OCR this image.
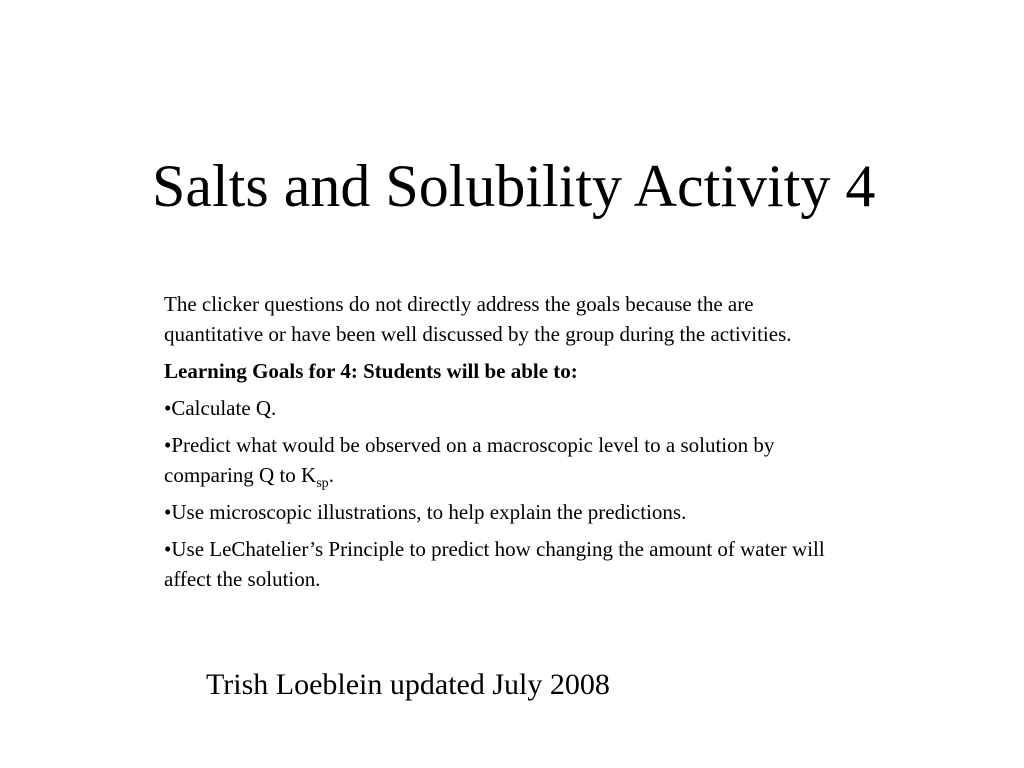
Salts and Solubility Activity 4

The clicker questions do not directly address the goals because the are quantitative or have been well discussed by the group during the activities.

Learning Goals for 4: Students will be able to:

•Calculate Q.

•Predict what would be observed on a macroscopic level to a solution by comparing Q to $K_{sp}$.

•Use microscopic illustrations, to help explain the predictions.

•Use LeChatelier’s Principle to predict how changing the amount of water will affect the solution.

Trish Loeblein updated July 2008
